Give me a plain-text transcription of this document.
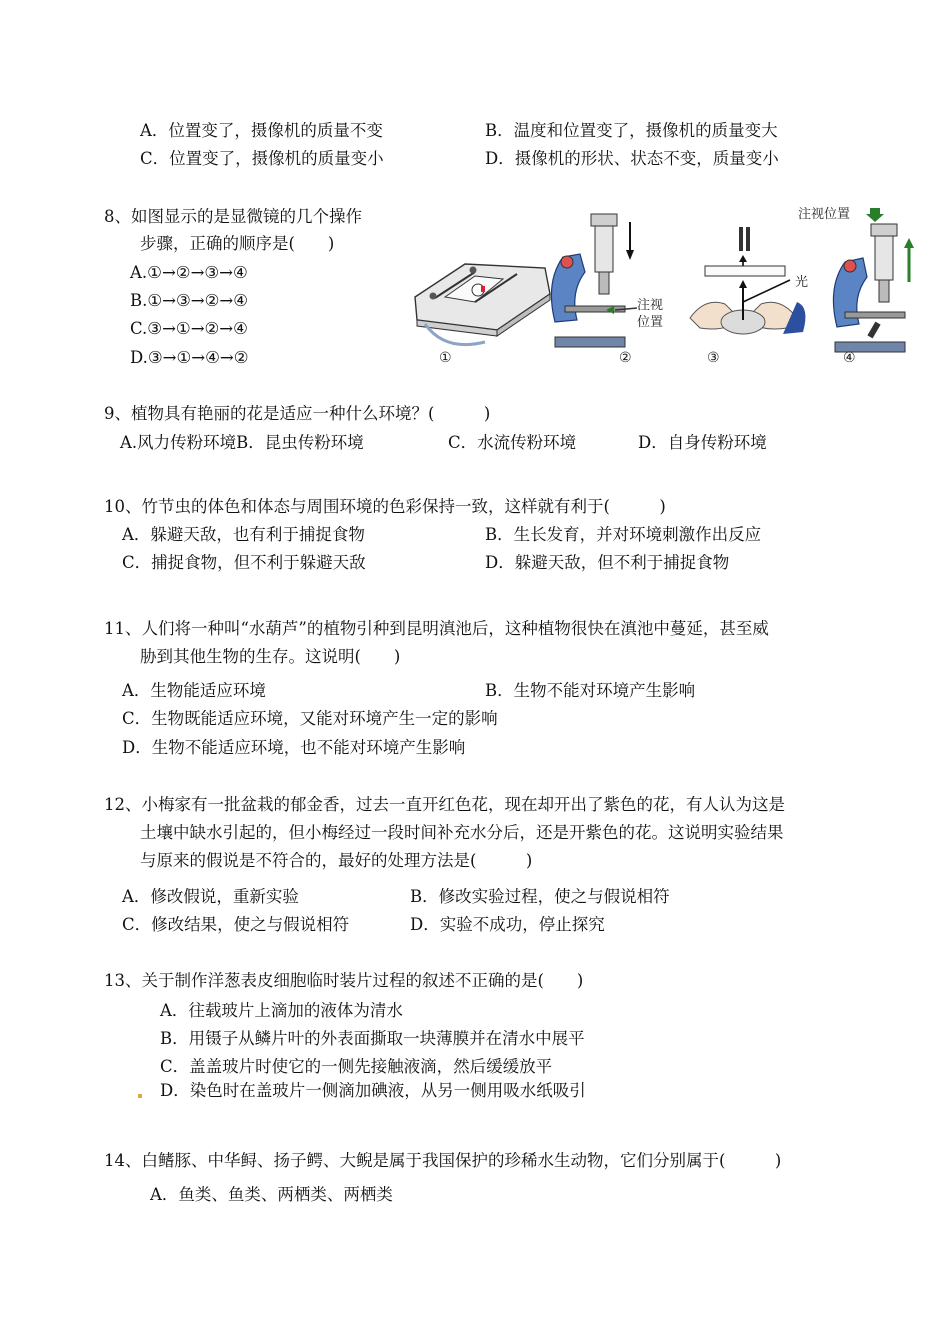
A．位置变了，摄像机的质量不变	B．温度和位置变了，摄像机的质量变大
C．位置变了，摄像机的质量变小	D．摄像机的形状、状态不变，质量变小
8、如图显示的是显微镜的几个操作
步骤，正确的顺序是(　　)
A.①→②→③→④
B.①→③→②→④
C.③→①→②→④
D.③→①→④→②	①
注视
位置
②
光
③
注视位置
④
9、植物具有艳丽的花是适应一种什么环境？(　　　)
A.风力传粉环境B．昆虫传粉环境	C．水流传粉环境	D．自身传粉环境
10、竹节虫的体色和体态与周围环境的色彩保持一致，这样就有利于(　　　)
A．躲避天敌，也有利于捕捉食物	B．生长发育，并对环境刺激作出反应
C．捕捉食物，但不利于躲避天敌	D．躲避天敌，但不利于捕捉食物
11、人们将一种叫“水葫芦”的植物引种到昆明滇池后，这种植物很快在滇池中蔓延，甚至威
胁到其他生物的生存。这说明(　　)
A．生物能适应环境	B．生物不能对环境产生影响
C．生物既能适应环境，又能对环境产生一定的影响
D．生物不能适应环境，也不能对环境产生影响
12、小梅家有一批盆栽的郁金香，过去一直开红色花，现在却开出了紫色的花，有人认为这是
土壤中缺水引起的，但小梅经过一段时间补充水分后，还是开紫色的花。这说明实验结果
与原来的假说是不符合的，最好的处理方法是(　　　)
A．修改假说，重新实验	B．修改实验过程，使之与假说相符
C．修改结果，使之与假说相符	D．实验不成功，停止探究
13、关于制作洋葱表皮细胞临时装片过程的叙述不正确的是(　　)
A．往载玻片上滴加的液体为清水
B．用镊子从鳞片叶的外表面撕取一块薄膜并在清水中展平
C．盖盖玻片时使它的一侧先接触液滴，然后缓缓放平
D．染色时在盖玻片一侧滴加碘液，从另一侧用吸水纸吸引
14、白鳍豚、中华鲟、扬子鳄、大鲵是属于我国保护的珍稀水生动物，它们分别属于(　　　)
A．鱼类、鱼类、两栖类、两栖类
